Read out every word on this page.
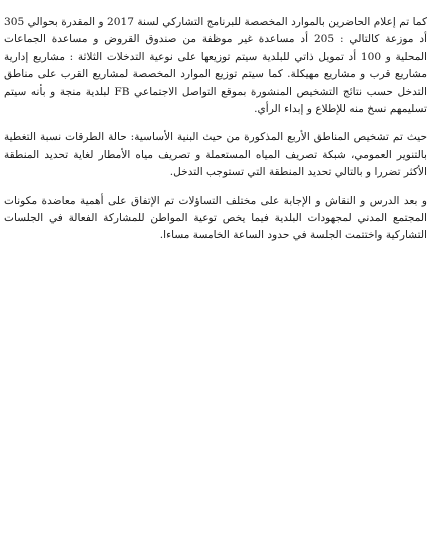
كما تم إعلام الحاضرين بالموارد المخصصة للبرنامج التشاركي لسنة 2017 و المقدرة بحوالي 305 أد موزعة كالتالي : 205 أد مساعدة غير موظفة من صندوق القروض و مساعدة الجماعات المحلية و 100 أد تمويل ذاتي للبلدية سيتم توزيعها على نوعية التدخلات الثلاثة : مشاريع إدارية مشاريع قرب و مشاريع مهيكلة. كما سيتم توزيع الموارد المخصصة لمشاريع القرب على مناطق التدخل حسب نتائج التشخيص المنشورة بموقع التواصل الاجتماعي FB لبلدية منجة و بأنه سيتم تسليمهم نسخ منه للإطلاع و إبداء الرأي.

حيث تم تشخيص المناطق الأربع المذكورة من حيث البنية الأساسية: حالة الطرقات نسبة التغطية بالتنوير العمومي، شبكة تصريف المياه المستعملة و تصريف مياه الأمطار لغاية تحديد المنطقة الأكثر تضررا و بالتالي تحديد المنطقة التي تستوجب التدخل.

و بعد الدرس و النقاش و الإجابة على مختلف التساؤلات تم الإتفاق على أهمية معاضدة مكونات المجتمع المدني لمجهودات البلدية فيما يخص توعية المواطن للمشاركة الفعالة في الجلسات التشاركية واختتمت الجلسة في حدود الساعة الخامسة مساءا.
